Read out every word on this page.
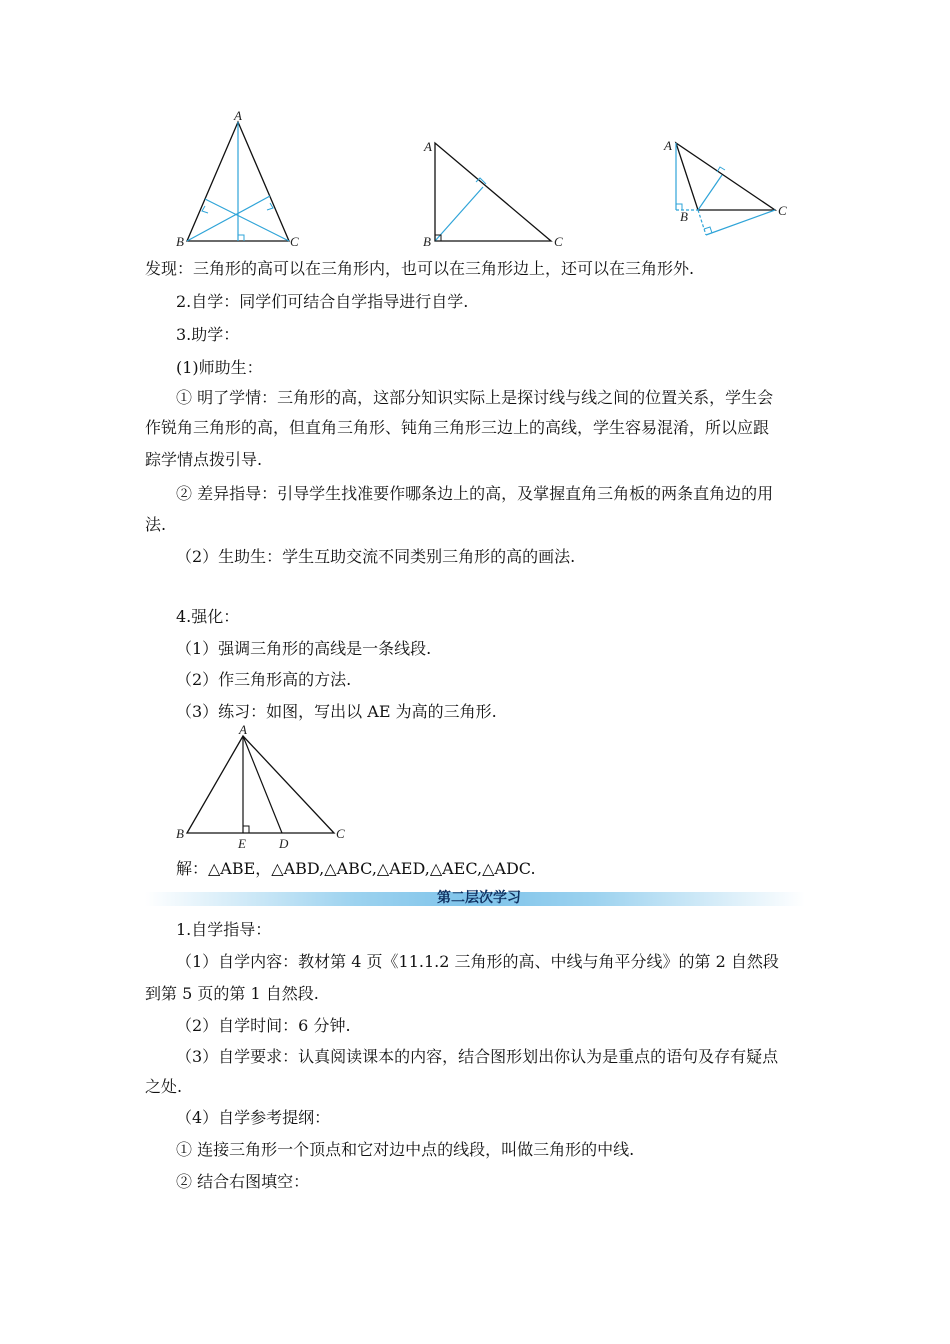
A
B	C
A
B	C
A
B	C
发现：三角形的高可以在三角形内，也可以在三角形边上，还可以在三角形外.
2.自学：同学们可结合自学指导进行自学.
3.助学：
(1)师助生：
① 明了学情：三角形的高，这部分知识实际上是探讨线与线之间的位置关系，学生会
作锐角三角形的高，但直角三角形、钝角三角形三边上的高线，学生容易混淆，所以应跟
踪学情点拨引导.
② 差异指导：引导学生找准要作哪条边上的高，及掌握直角三角板的两条直角边的用
法.
（2）生助生：学生互助交流不同类别三角形的高的画法.
4.强化：
（1）强调三角形的高线是一条线段.
（2）作三角形高的方法.
（3）练习：如图，写出以 AE 为高的三角形.
A
B	C
E	D
解：△ABE，△ABD,△ABC,△AED,△AEC,△ADC.
第二层次学习
1.自学指导：
（1）自学内容：教材第 4 页《11.1.2 三角形的高、中线与角平分线》的第 2 自然段
到第 5 页的第 1 自然段.
（2）自学时间：6 分钟.
（3）自学要求：认真阅读课本的内容，结合图形划出你认为是重点的语句及存有疑点
之处.
（4）自学参考提纲：
① 连接三角形一个顶点和它对边中点的线段，叫做三角形的中线.
② 结合右图填空：
